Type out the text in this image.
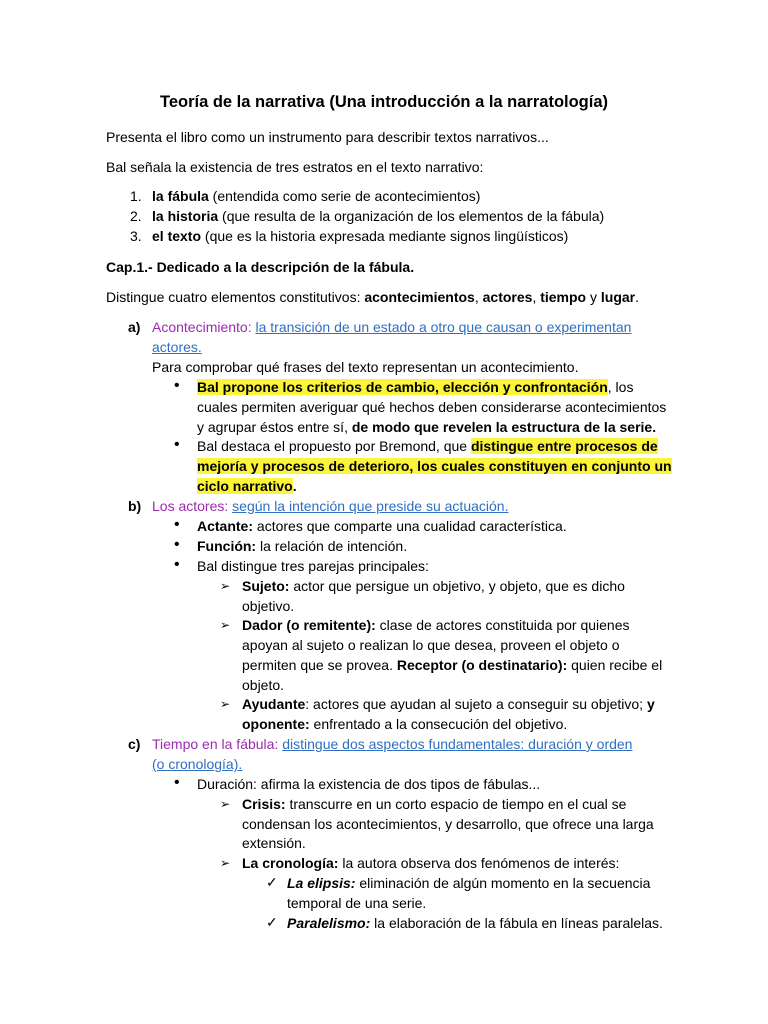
Teoría de la narrativa (Una introducción a la narratología)
Presenta el libro como un instrumento para describir textos narrativos...
Bal señala la existencia de tres estratos en el texto narrativo:
1. la fábula (entendida como serie de acontecimientos)
2. la historia (que resulta de la organización de los elementos de la fábula)
3. el texto (que es la historia expresada mediante signos lingüísticos)
Cap.1.- Dedicado a la descripción de la fábula.
Distingue cuatro elementos constitutivos: acontecimientos, actores, tiempo y lugar.
a) Acontecimiento: la transición de un estado a otro que causan o experimentan
actores.
Para comprobar qué frases del texto representan un acontecimiento.
• Bal propone los criterios de cambio, elección y confrontación, los
cuales permiten averiguar qué hechos deben considerarse acontecimientos
y agrupar éstos entre sí, de modo que revelen la estructura de la serie.
• Bal destaca el propuesto por Bremond, que distingue entre procesos de
mejoría y procesos de deterioro, los cuales constituyen en conjunto un
ciclo narrativo.
b) Los actores: según la intención que preside su actuación.
• Actante: actores que comparte una cualidad característica.
• Función: la relación de intención.
• Bal distingue tres parejas principales:
➢ Sujeto: actor que persigue un objetivo, y objeto, que es dicho
objetivo.
➢ Dador (o remitente): clase de actores constituida por quienes
apoyan al sujeto o realizan lo que desea, proveen el objeto o
permiten que se provea. Receptor (o destinatario): quien recibe el
objeto.
➢ Ayudante: actores que ayudan al sujeto a conseguir su objetivo; y
oponente: enfrentado a la consecución del objetivo.
c) Tiempo en la fábula: distingue dos aspectos fundamentales: duración y orden
(o cronología).
• Duración: afirma la existencia de dos tipos de fábulas...
➢ Crisis: transcurre en un corto espacio de tiempo en el cual se
condensan los acontecimientos, y desarrollo, que ofrece una larga
extensión.
➢ La cronología: la autora observa dos fenómenos de interés:
✓ La elipsis: eliminación de algún momento en la secuencia
temporal de una serie.
✓ Paralelismo: la elaboración de la fábula en líneas paralelas.
